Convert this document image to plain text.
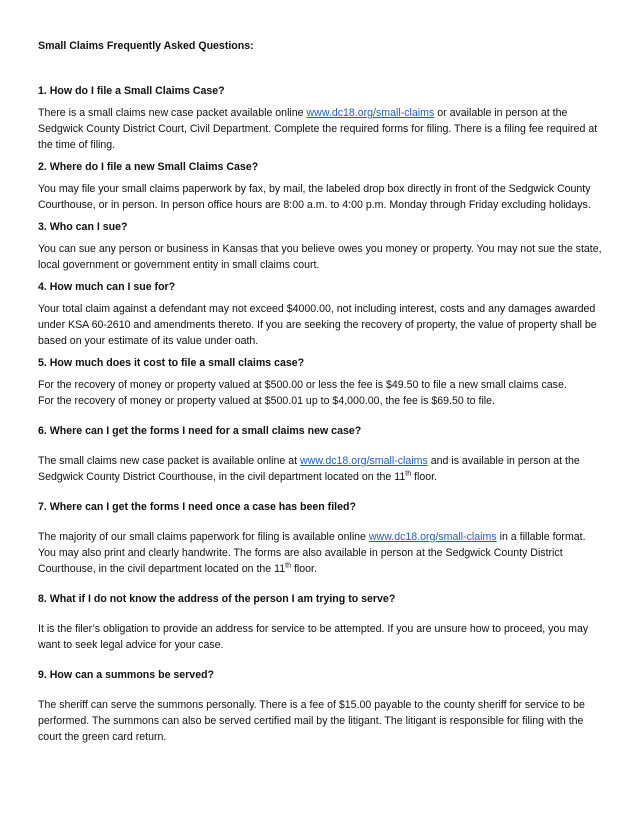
Small Claims Frequently Asked Questions:

1. How do I file a Small Claims Case?

There is a small claims new case packet available online www.dc18.org/small-claims or available in person at the Sedgwick County District Court, Civil Department. Complete the required forms for filing. There is a filing fee required at the time of filing.

2. Where do I file a new Small Claims Case?

You may file your small claims paperwork by fax, by mail, the labeled drop box directly in front of the Sedgwick County Courthouse, or in person. In person office hours are 8:00 a.m. to 4:00 p.m. Monday through Friday excluding holidays.

3. Who can I sue?

You can sue any person or business in Kansas that you believe owes you money or property. You may not sue the state, local government or government entity in small claims court.

4. How much can I sue for?

Your total claim against a defendant may not exceed $4000.00, not including interest, costs and any damages awarded under KSA 60-2610 and amendments thereto. If you are seeking the recovery of property, the value of property shall be based on your estimate of its value under oath.

5. How much does it cost to file a small claims case?

For the recovery of money or property valued at $500.00 or less the fee is $49.50 to file a new small claims case.

For the recovery of money or property valued at $500.01 up to $4,000.00, the fee is $69.50 to file.

6. Where can I get the forms I need for a small claims new case?

The small claims new case packet is available online at www.dc18.org/small-claims and is available in person at the Sedgwick County District Courthouse, in the civil department located on the 11th floor.

7. Where can I get the forms I need once a case has been filed?

The majority of our small claims paperwork for filing is available online www.dc18.org/small-claims in a fillable format. You may also print and clearly handwrite. The forms are also available in person at the Sedgwick County District Courthouse, in the civil department located on the 11th floor.

8. What if I do not know the address of the person I am trying to serve?

It is the filer’s obligation to provide an address for service to be attempted. If you are unsure how to proceed, you may want to seek legal advice for your case.

9. How can a summons be served?

The sheriff can serve the summons personally. There is a fee of $15.00 payable to the county sheriff for service to be performed. The summons can also be served certified mail by the litigant. The litigant is responsible for filing with the court the green card return.
